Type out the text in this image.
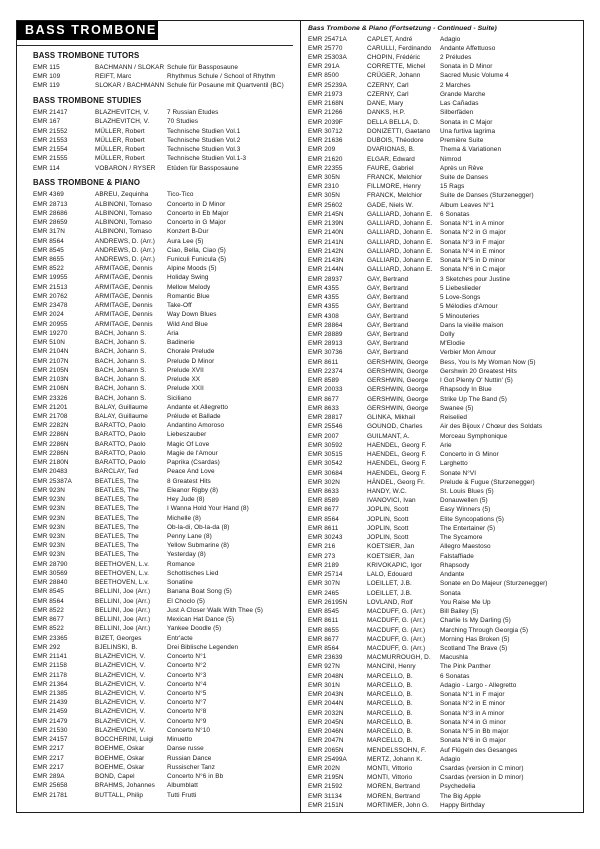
BASS TROMBONE
BASS TROMBONE TUTORS
EMR 115	BACHMANN / SLOKAR Schule für Bassposaune
EMR 109	REIFT, Marc	Rhythmus Schule / School of Rhythm
EMR 119	SLOKAR / BACHMANN Schule für Posaune mit Quartventil (BC)
BASS TROMBONE STUDIES
EMR 21417	BLAZHEVITCH, V.	7 Russian Etudes
EMR 167	BLAZHEVITCH, V.	70 Studies
EMR 21552	MÜLLER, Robert	Technische Studien Vol.1
EMR 21553	MÜLLER, Robert	Technische Studien Vol.2
EMR 21554	MÜLLER, Robert	Technische Studien Vol.3
EMR 21555	MÜLLER, Robert	Technische Studien Vol.1-3
EMR 114	VOBARON / RYSER	Etüden für Bassposaune
BASS TROMBONE & PIANO
EMR 4369	ABREU, Zequinha	Tico-Tico
EMR 28713	ALBINONI, Tomaso	Concerto in D Minor
EMR 28686	ALBINONI, Tomaso	Concerto in Eb Major
EMR 28659	ALBINONI, Tomaso	Concerto in G Major
EMR 317N	ALBINONI, Tomaso	Konzert B-Dur
EMR 8564	ANDREWS, D. (Arr.)	Aura Lee (5)
EMR 8545	ANDREWS, D. (Arr.)	Ciao, Bella, Ciao (5)
EMR 8655	ANDREWS, D. (Arr.)	Funiculi Funicula (5)
EMR 8522	ARMITAGE, Dennis	Alpine Moods (5)
EMR 19955	ARMITAGE, Dennis	Holiday Swing
EMR 21513	ARMITAGE, Dennis	Mellow Melody
EMR 20762	ARMITAGE, Dennis	Romantic Blue
EMR 23478	ARMITAGE, Dennis	Take-Off
EMR 2024	ARMITAGE, Dennis	Way Down Blues
EMR 20955	ARMITAGE, Dennis	Wild And Blue
EMR 19270	BACH, Johann S.	Aria
EMR 510N	BACH, Johann S.	Badinerie
EMR 2104N	BACH, Johann S.	Chorale Prelude
EMR 2107N	BACH, Johann S.	Prelude D Minor
EMR 2105N	BACH, Johann S.	Prelude XVII
EMR 2103N	BACH, Johann S.	Prelude XX
EMR 2106N	BACH, Johann S.	Prelude XXII
EMR 23326	BACH, Johann S.	Siciliano
EMR 21201	BALAY, Guillaume	Andante et Allegretto
EMR 21708	BALAY, Guillaume	Prélude et Ballade
EMR 2282N	BARATTO, Paolo	Andantino Amoroso
EMR 2286N	BARATTO, Paolo	Liebeszauber
EMR 2286N	BARATTO, Paolo	Magic Of Love
EMR 2286N	BARATTO, Paolo	Magie de l'Amour
EMR 2180N	BARATTO, Paolo	Paprika (Csardas)
EMR 20483	BARCLAY, Ted	Peace And Love
EMR 25387A	BEATLES, The	8 Greatest Hits
EMR 923N	BEATLES, The	Eleanor Rigby (8)
EMR 923N	BEATLES, The	Hey Jude (8)
EMR 923N	BEATLES, The	I Wanna Hold Your Hand (8)
EMR 923N	BEATLES, The	Michelle (8)
EMR 923N	BEATLES, The	Ob-la-di, Ob-la-da (8)
EMR 923N	BEATLES, The	Penny Lane (8)
EMR 923N	BEATLES, The	Yellow Submarine (8)
EMR 923N	BEATLES, The	Yesterday (8)
EMR 28790	BEETHOVEN, L.v.	Romance
EMR 30569	BEETHOVEN, L.v.	Schottisches Lied
EMR 28840	BEETHOVEN, L.v.	Sonatine
EMR 8545	BELLINI, Joe (Arr.)	Banana Boat Song (5)
EMR 8564	BELLINI, Joe (Arr.)	El Choclo (5)
EMR 8522	BELLINI, Joe (Arr.)	Just A Closer Walk With Thee (5)
EMR 8677	BELLINI, Joe (Arr.)	Mexican Hat Dance (5)
EMR 8522	BELLINI, Joe (Arr.)	Yankee Doodle (5)
EMR 23365	BIZET, Georges	Entr'acte
EMR 292	BJELINSKI, B.	Drei Biblische Legenden
EMR 21141	BLAZHEVICH, V.	Concerto N°1
EMR 21158	BLAZHEVICH, V.	Concerto N°2
EMR 21178	BLAZHEVICH, V.	Concerto N°3
EMR 21364	BLAZHEVICH, V.	Concerto N°4
EMR 21385	BLAZHEVICH, V.	Concerto N°5
EMR 21439	BLAZHEVICH, V.	Concerto N°7
EMR 21459	BLAZHEVICH, V.	Concerto N°8
EMR 21479	BLAZHEVICH, V.	Concerto N°9
EMR 21530	BLAZHEVICH, V.	Concerto N°10
EMR 24157	BOCCHERINI, Luigi	Minuetto
EMR 2217	BOEHME, Oskar	Danse russe
EMR 2217	BOEHME, Oskar	Russian Dance
EMR 2217	BOEHME, Oskar	Russischer Tanz
EMR 289A	BOND, Capel	Concerto N°6 in Bb
EMR 25658	BRAHMS, Johannes	Albumblatt
EMR 21781	BUTTALL, Philip	Tutti Frutti
Bass Trombone & Piano (Fortsetzung - Continued - Suite)
EMR 25471A	CAPLET, André	Adagio
EMR 25770	CARULLI, Ferdinando	Andante Affettuoso
EMR 25303A	CHOPIN, Frédéric	2 Préludes
EMR 291A	CORRETTE, Michel	Sonata in D Minor
EMR 8500	CRÜGER, Johann	Sacred Music Volume 4
EMR 25239A	CZERNY, Carl	2 Marches
EMR 21973	CZERNY, Carl	Grande Marche
EMR 2168N	DANE, Mary	Las Cañadas
EMR 21266	DANKS, H.P.	Silberfäden
EMR 2039F	DELLA BELLA, D.	Sonata in C Major
EMR 30712	DONIZETTI, Gaetano	Una furtiva lagrima
EMR 21636	DUBOIS, Théodore	Première Suite
EMR 209	DVARIONAS, B.	Thema & Variationen
EMR 21620	ELGAR, Edward	Nimrod
EMR 22355	FAURE, Gabriel	Après un Rêve
EMR 305N	FRANCK, Melchior	Suite de Danses
EMR 2310	FILLMORE, Henry	15 Rags
EMR 305N	FRANCK, Melchior	Suite de Danses (Sturzenegger)
EMR 25602	GADE, Niels W.	Album Leaves N°1
EMR 2145N	GALLIARD, Johann E.	6 Sonatas
EMR 2139N	GALLIARD, Johann E.	Sonata N°1 in A minor
EMR 2140N	GALLIARD, Johann E.	Sonata N°2 in G major
EMR 2141N	GALLIARD, Johann E.	Sonata N°3 in F major
EMR 2142N	GALLIARD, Johann E.	Sonata N°4 in E minor
EMR 2143N	GALLIARD, Johann E.	Sonata N°5 in D minor
EMR 2144N	GALLIARD, Johann E.	Sonata N°6 in C major
EMR 28937	GAY, Bertrand	3 Sketches pour Justine
EMR 4355	GAY, Bertrand	5 Liebeslieder
EMR 4355	GAY, Bertrand	5 Love-Songs
EMR 4355	GAY, Bertrand	5 Mélodies d'Amour
EMR 4308	GAY, Bertrand	5 Minouteries
EMR 28864	GAY, Bertrand	Dans la vieille maison
EMR 28889	GAY, Bertrand	Dolly
EMR 28913	GAY, Bertrand	M'Elodie
EMR 30736	GAY, Bertrand	Verbier Mon Amour
EMR 8611	GERSHWIN, George	Bess, You Is My Woman Now (5)
EMR 22374	GERSHWIN, George	Gershwin 20 Greatest Hits
EMR 8589	GERSHWIN, George	I Got Plenty O' Nuttin' (5)
EMR 20033	GERSHWIN, George	Rhapsody In Blue
EMR 8677	GERSHWIN, George	Strike Up The Band (5)
EMR 8633	GERSHWIN, George	Swanee (5)
EMR 28817	GLINKA, Mikhail	Reiselied
EMR 25546	GOUNOD, Charles	Air des Bijoux / Chœur des Soldats
EMR 2007	GUILMANT, A.	Morceau Symphonique
EMR 30592	HAENDEL, Georg F.	Arie
EMR 30515	HAENDEL, Georg F.	Concerto in G Minor
EMR 30542	HAENDEL, Georg F.	Larghetto
EMR 30684	HAENDEL, Georg F.	Sonate N°VI
EMR 302N	HÄNDEL, Georg Fr.	Prelude & Fugue (Sturzenegger)
EMR 8633	HANDY, W.C.	St. Louis Blues (5)
EMR 8589	IVANOVICI, Ivan	Donauwellen (5)
EMR 8677	JOPLIN, Scott	Easy Winners (5)
EMR 8564	JOPLIN, Scott	Elite Syncopations (5)
EMR 8611	JOPLIN, Scott	The Entertainer (5)
EMR 30243	JOPLIN, Scott	The Sycamore
EMR 216	KOETSIER, Jan	Allegro Maestoso
EMR 273	KOETSIER, Jan	Falstaffiade
EMR 2189	KRIVOKAPIC, Igor	Rhapsody
EMR 25714	LALO, Edouard	Andante
EMR 307N	LOEILLET, J.B.	Sonate en Do Majeur (Sturzenegger)
EMR 2465	LOEILLET, J.B.	Sonata
EMR 26195N	LOVLAND, Rolf	You Raise Me Up
EMR 8545	MACDUFF, G. (Arr.)	Bill Bailey (5)
EMR 8611	MACDUFF, G. (Arr.)	Charlie Is My Darling (5)
EMR 8655	MACDUFF, G. (Arr.)	Marching Through Georgia (5)
EMR 8677	MACDUFF, G. (Arr.)	Morning Has Broken (5)
EMR 8564	MACDUFF, G. (Arr.)	Scotland The Brave (5)
EMR 23639	MACMURROUGH, D.	Macushla
EMR 927N	MANCINI, Henry	The Pink Panther
EMR 2048N	MARCELLO, B.	6 Sonatas
EMR 301N	MARCELLO, B.	Adagio - Largo - Allegretto
EMR 2043N	MARCELLO, B.	Sonata N°1 in F major
EMR 2044N	MARCELLO, B.	Sonata N°2 in E minor
EMR 2032N	MARCELLO, B.	Sonata N°3 in A minor
EMR 2045N	MARCELLO, B.	Sonata N°4 in G minor
EMR 2046N	MARCELLO, B.	Sonata N°5 in Bb major
EMR 2047N	MARCELLO, B.	Sonata N°6 in G major
EMR 2065N	MENDELSSOHN, F.	Auf Flügeln des Gesanges
EMR 25499A	MERTZ, Johann K.	Adagio
EMR 202N	MONTI, Vittorio	Csardas (version in C minor)
EMR 2195N	MONTI, Vittorio	Csardas (version in D minor)
EMR 21592	MOREN, Bertrand	Psychedelia
EMR 31134	MOREN, Bertrand	The Big Apple
EMR 2151N	MORTIMER, John G.	Happy Birthday
